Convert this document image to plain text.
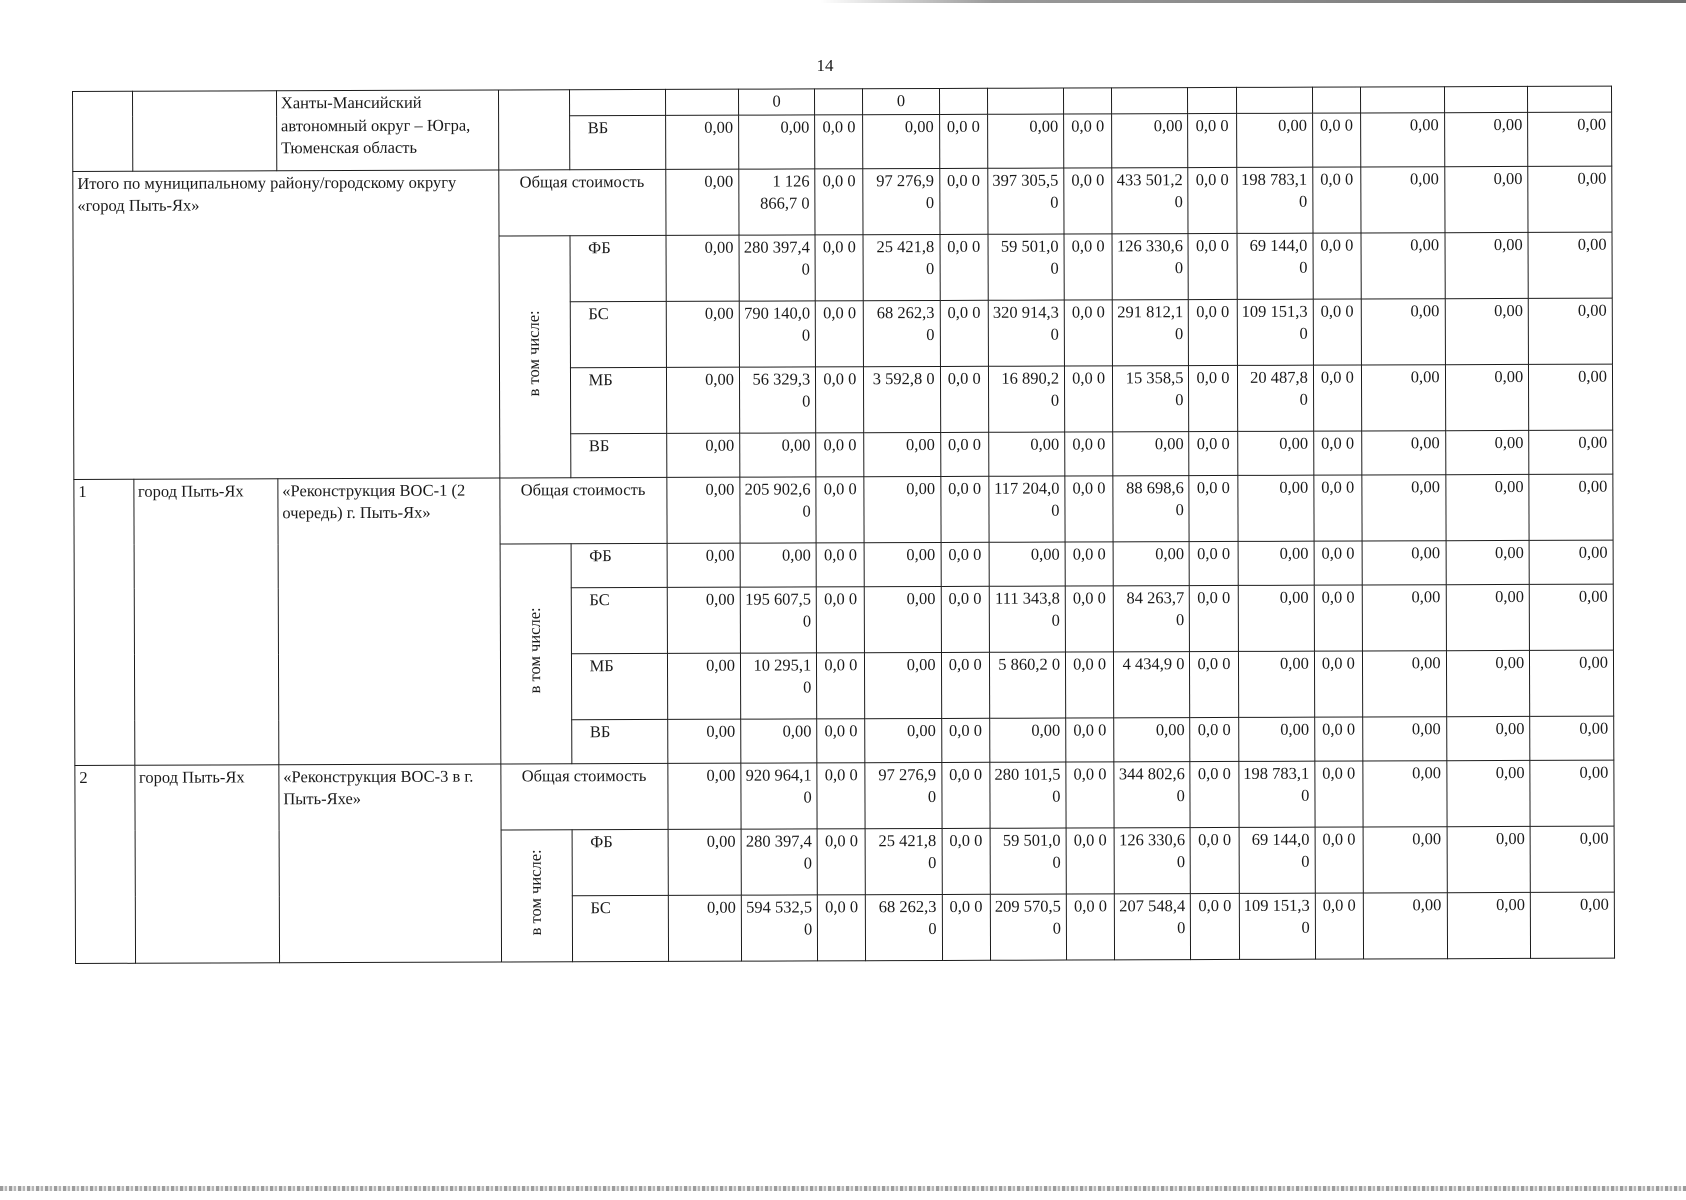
14
		Ханты-Мансийский автономный округ – Югра, Тюменская область				0		0										
				ВБ	0,00	0,00	0,0 0	0,00	0,0 0	0,00	0,0 0	0,00	0,0 0	0,00	0,0 0	0,00	0,00	0,00
Итого по муниципальному району/городскому округу «город Пыть-Ях»			Общая стоимость		0,00	1 126 866,7 0	0,0 0	97 276,9 0	0,0 0	397 305,5 0	0,0 0	433 501,2 0	0,0 0	198 783,1 0	0,0 0	0,00	0,00	0,00
			в том числе:	ФБ	0,00	280 397,4 0	0,0 0	25 421,8 0	0,0 0	59 501,0 0	0,0 0	126 330,6 0	0,0 0	69 144,0 0	0,0 0	0,00	0,00	0,00
				БС	0,00	790 140,0 0	0,0 0	68 262,3 0	0,0 0	320 914,3 0	0,0 0	291 812,1 0	0,0 0	109 151,3 0	0,0 0	0,00	0,00	0,00
				МБ	0,00	56 329,3 0	0,0 0	3 592,8 0	0,0 0	16 890,2 0	0,0 0	15 358,5 0	0,0 0	20 487,8 0	0,0 0	0,00	0,00	0,00
				ВБ	0,00	0,00	0,0 0	0,00	0,0 0	0,00	0,0 0	0,00	0,0 0	0,00	0,0 0	0,00	0,00	0,00
1	город Пыть-Ях	«Реконструкция ВОС-1 (2 очередь) г. Пыть-Ях»	Общая стоимость		0,00	205 902,6 0	0,0 0	0,00	0,0 0	117 204,0 0	0,0 0	88 698,6 0	0,0 0	0,00	0,0 0	0,00	0,00	0,00
			в том числе:	ФБ	0,00	0,00	0,0 0	0,00	0,0 0	0,00	0,0 0	0,00	0,0 0	0,00	0,0 0	0,00	0,00	0,00
				БС	0,00	195 607,5 0	0,0 0	0,00	0,0 0	111 343,8 0	0,0 0	84 263,7 0	0,0 0	0,00	0,0 0	0,00	0,00	0,00
				МБ	0,00	10 295,1 0	0,0 0	0,00	0,0 0	5 860,2 0	0,0 0	4 434,9 0	0,0 0	0,00	0,0 0	0,00	0,00	0,00
				ВБ	0,00	0,00	0,0 0	0,00	0,0 0	0,00	0,0 0	0,00	0,0 0	0,00	0,0 0	0,00	0,00	0,00
2	город Пыть-Ях	«Реконструкция ВОС-3 в г. Пыть-Яхе»	Общая стоимость		0,00	920 964,1 0	0,0 0	97 276,9 0	0,0 0	280 101,5 0	0,0 0	344 802,6 0	0,0 0	198 783,1 0	0,0 0	0,00	0,00	0,00
			в том числе:	ФБ	0,00	280 397,4 0	0,0 0	25 421,8 0	0,0 0	59 501,0 0	0,0 0	126 330,6 0	0,0 0	69 144,0 0	0,0 0	0,00	0,00	0,00
				БС	0,00	594 532,5 0	0,0 0	68 262,3 0	0,0 0	209 570,5 0	0,0 0	207 548,4 0	0,0 0	109 151,3 0	0,0 0	0,00	0,00	0,00
